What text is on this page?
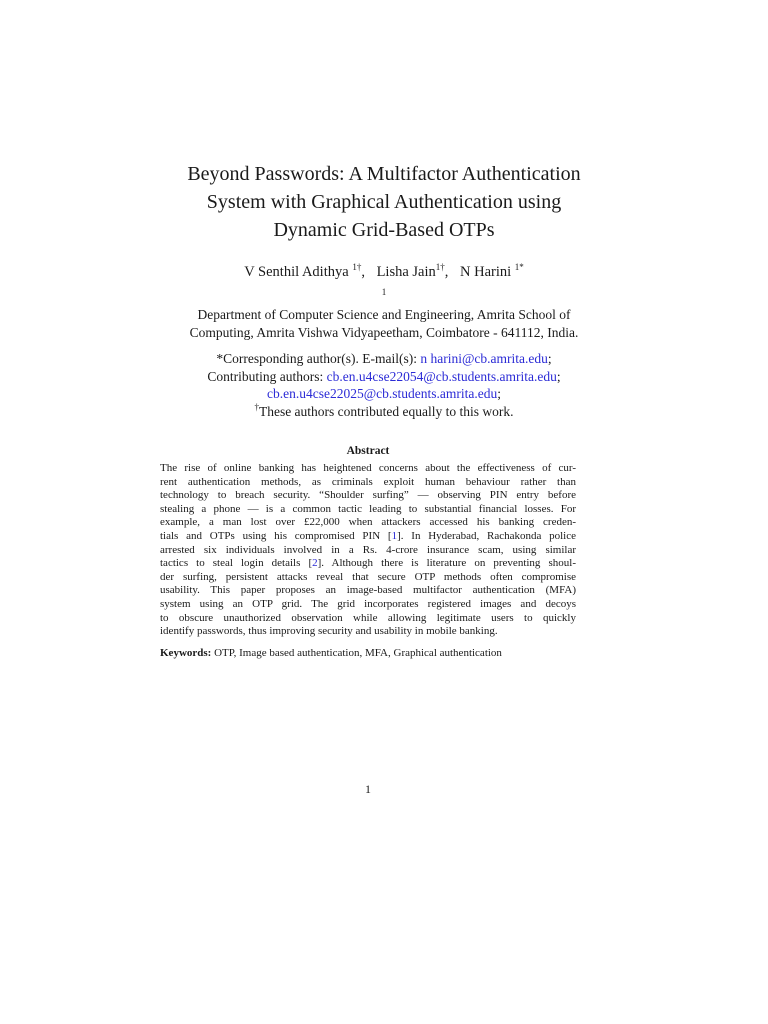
Beyond Passwords: A Multifactor Authentication
System with Graphical Authentication using
Dynamic Grid-Based OTPs
V Senthil Adithya $^{1\dagger}$, Lisha Jain$^{1\dagger}$, N Harini $^{1*}$
$^1$
Department of Computer Science and Engineering, Amrita School of
Computing, Amrita Vishwa Vidyapeetham, Coimbatore - 641112, India.
*Corresponding author(s). E-mail(s): n harini@cb.amrita.edu;
Contributing authors: cb.en.u4cse22054@cb.students.amrita.edu;
cb.en.u4cse22025@cb.students.amrita.edu;
†These authors contributed equally to this work.
Abstract
The rise of online banking has heightened concerns about the effectiveness of cur-
rent authentication methods, as criminals exploit human behaviour rather than
technology to breach security. “Shoulder surfing” — observing PIN entry before
stealing a phone — is a common tactic leading to substantial financial losses. For
example, a man lost over £22,000 when attackers accessed his banking creden-
tials and OTPs using his compromised PIN [1]. In Hyderabad, Rachakonda police
arrested six individuals involved in a Rs. 4-crore insurance scam, using similar
tactics to steal login details [2]. Although there is literature on preventing shoul-
der surfing, persistent attacks reveal that secure OTP methods often compromise
usability. This paper proposes an image-based multifactor authentication (MFA)
system using an OTP grid. The grid incorporates registered images and decoys
to obscure unauthorized observation while allowing legitimate users to quickly
identify passwords, thus improving security and usability in mobile banking.
Keywords: OTP, Image based authentication, MFA, Graphical authentication
1
